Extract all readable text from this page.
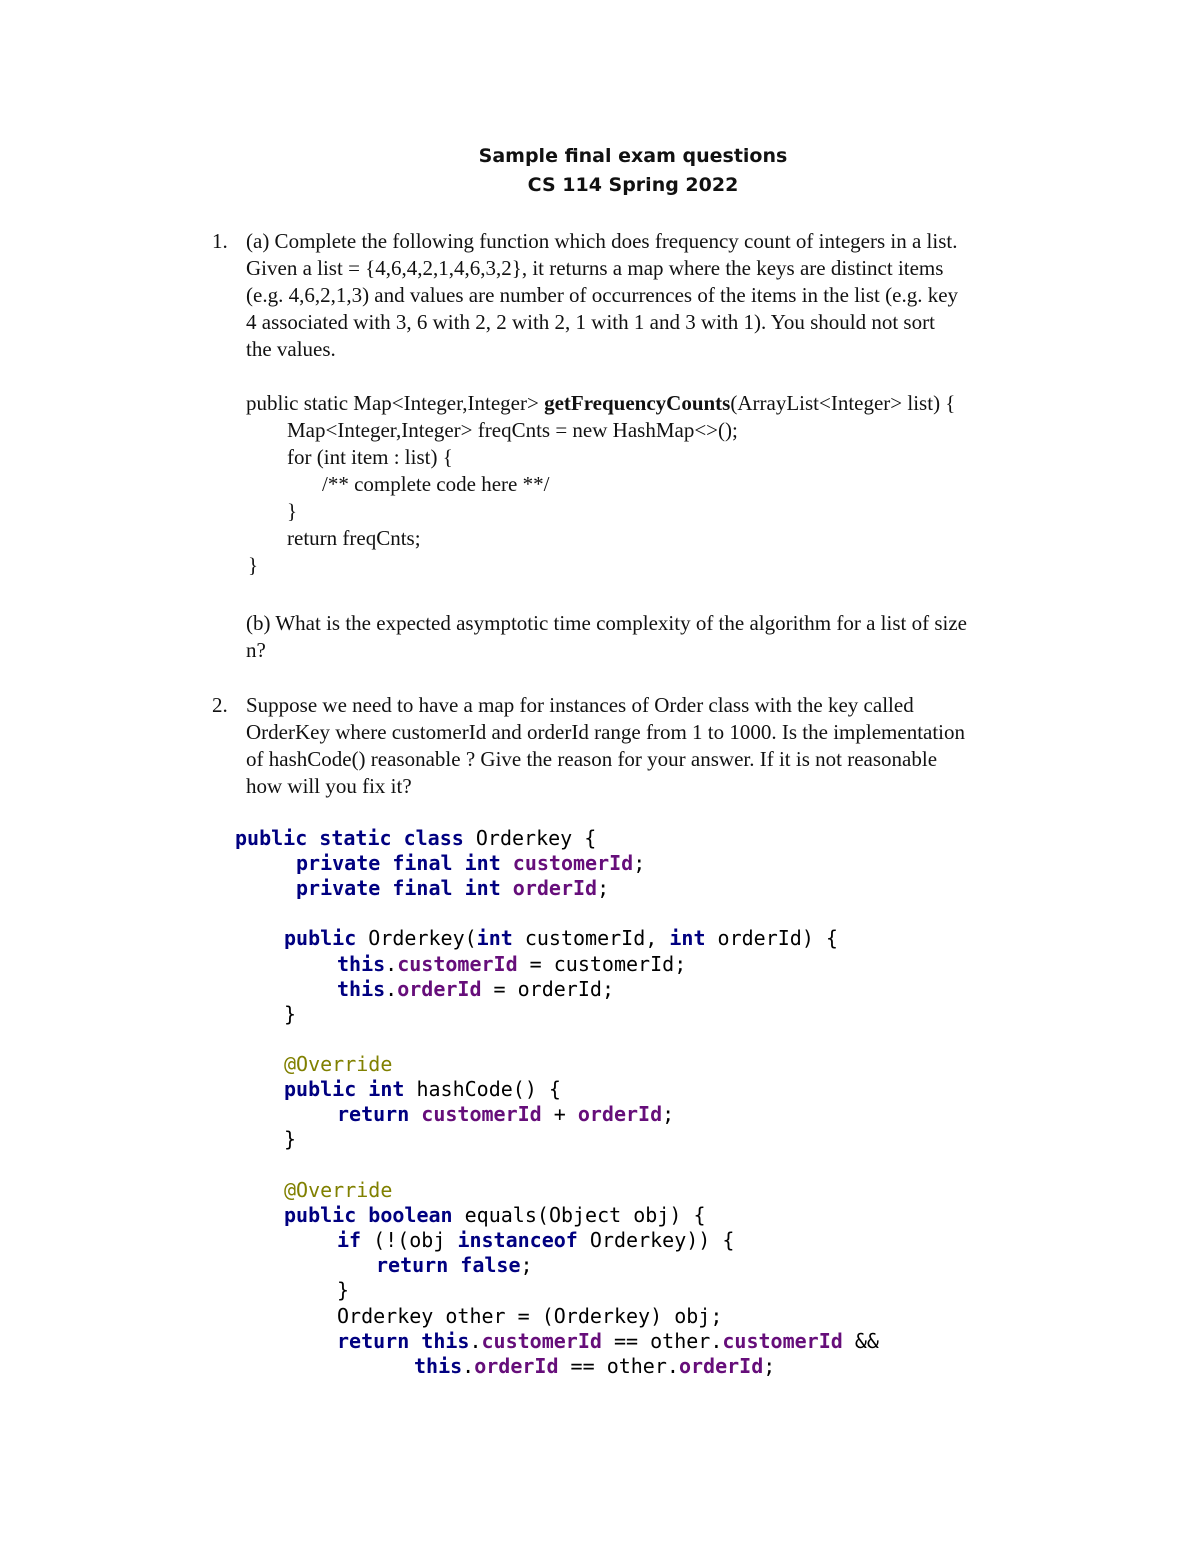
Sample final exam questions
CS 114 Spring 2022
1. (a) Complete the following function which does frequency count of integers in a list.
Given a list = {4,6,4,2,1,4,6,3,2}, it returns a map where the keys are distinct items
(e.g. 4,6,2,1,3) and values are number of occurrences of the items in the list (e.g. key
4 associated with 3, 6 with 2, 2 with 2, 1 with 1 and 3 with 1). You should not sort
the values.
public static Map<Integer,Integer> getFrequencyCounts(ArrayList<Integer> list) {
Map<Integer,Integer> freqCnts = new HashMap<>();
for (int item : list) {
/** complete code here **/
}
return freqCnts;
}
(b) What is the expected asymptotic time complexity of the algorithm for a list of size
n?
2. Suppose we need to have a map for instances of Order class with the key called
OrderKey where customerId and orderId range from 1 to 1000. Is the implementation
of hashCode() reasonable ? Give the reason for your answer. If it is not reasonable
how will you fix it?
public static class Orderkey {
private final int customerId;
private final int orderId;
public Orderkey(int customerId, int orderId) {
this.customerId = customerId;
this.orderId = orderId;
}
@Override
public int hashCode() {
return customerId + orderId;
}
@Override
public boolean equals(Object obj) {
if (!(obj instanceof Orderkey)) {
return false;
}
Orderkey other = (Orderkey) obj;
return this.customerId == other.customerId &&
this.orderId == other.orderId;
